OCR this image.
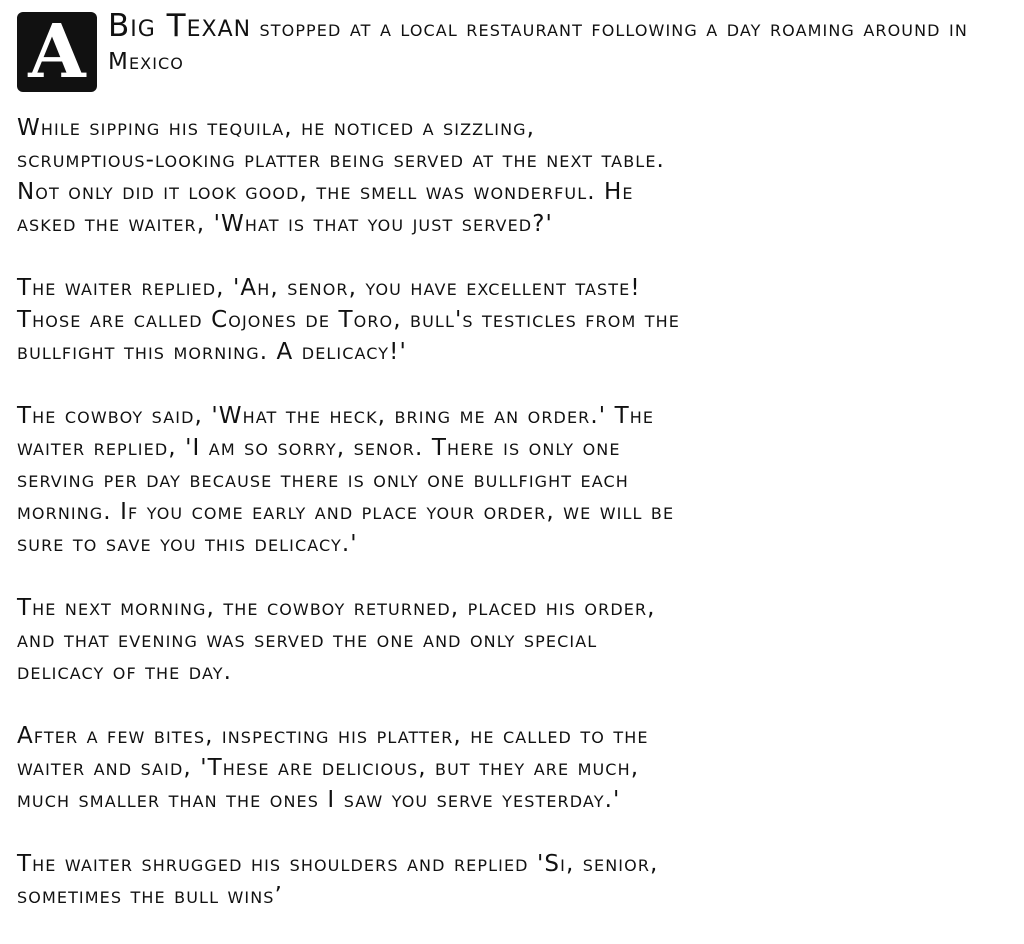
A Big Texan stopped at a local restaurant following a day roaming around in Mexico

While sipping his tequila, he noticed a sizzling,
scrumptious-looking platter being served at the next table.
Not only did it look good, the smell was wonderful. He
asked the waiter, 'What is that you just served?'

The waiter replied, 'Ah, senor, you have excellent taste!
Those are called Cojones de Toro, bull's testicles from the
bullfight this morning. A delicacy!'

The cowboy said, 'What the heck, bring me an order.' The
waiter replied, 'I am so sorry, senor. There is only one
serving per day because there is only one bullfight each
morning. If you come early and place your order, we will be
sure to save you this delicacy.'

The next morning, the cowboy returned, placed his order,
and that evening was served the one and only special
delicacy of the day.

After a few bites, inspecting his platter, he called to the
waiter and said, 'These are delicious, but they are much,
much smaller than the ones I saw you serve yesterday.'

The waiter shrugged his shoulders and replied 'Si, senior,
sometimes the bull wins’
